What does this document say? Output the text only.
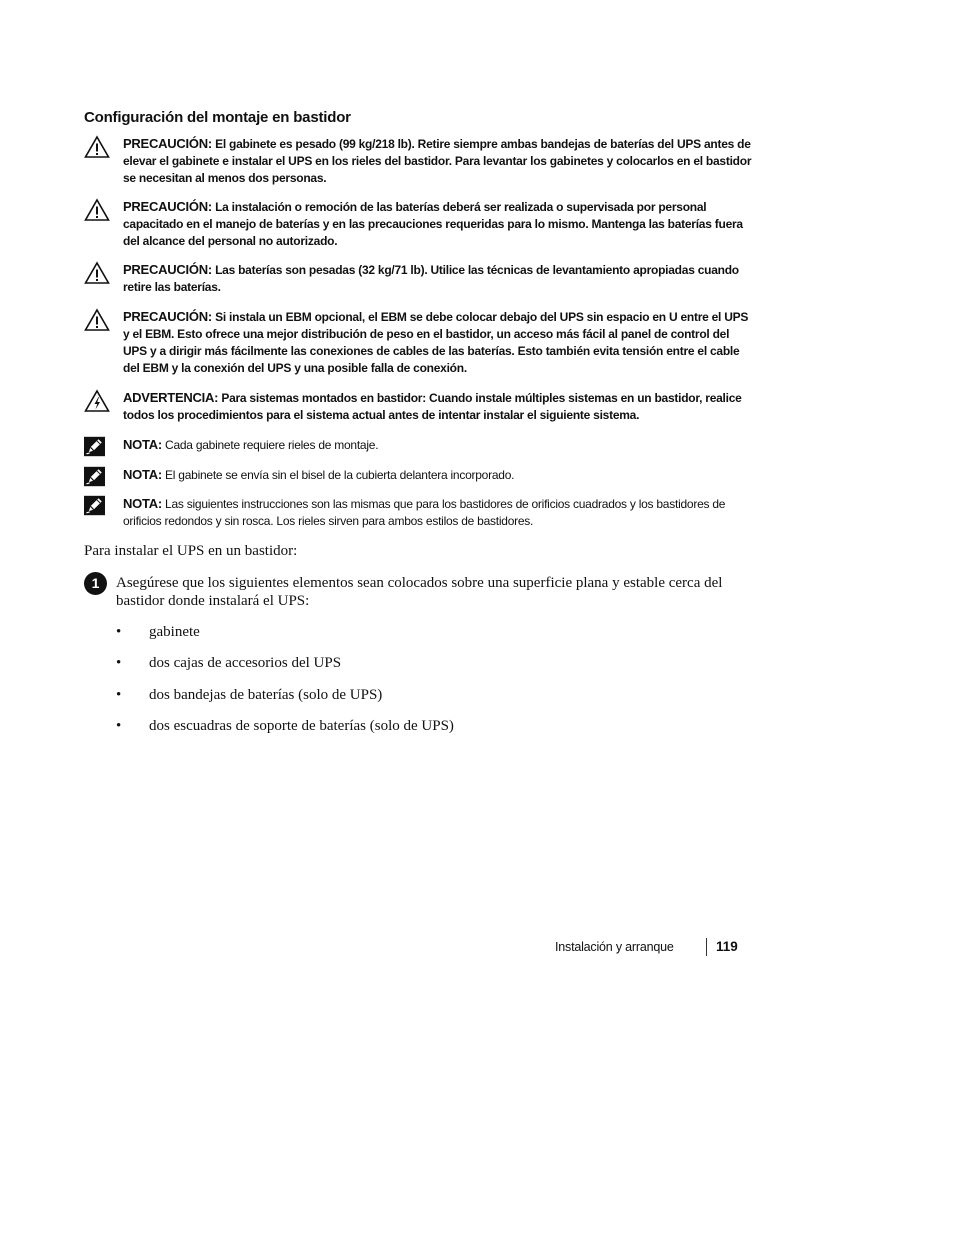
Configuración del montaje en bastidor
PRECAUCIÓN: El gabinete es pesado (99 kg/218 lb). Retire siempre ambas bandejas de baterías del UPS antes de elevar el gabinete e instalar el UPS en los rieles del bastidor. Para levantar los gabinetes y colocarlos en el bastidor se necesitan al menos dos personas.
PRECAUCIÓN: La instalación o remoción de las baterías deberá ser realizada o supervisada por personal capacitado en el manejo de baterías y en las precauciones requeridas para lo mismo. Mantenga las baterías fuera del alcance del personal no autorizado.
PRECAUCIÓN: Las baterías son pesadas (32 kg/71 lb). Utilice las técnicas de levantamiento apropiadas cuando retire las baterías.
PRECAUCIÓN: Si instala un EBM opcional, el EBM se debe colocar debajo del UPS sin espacio en U entre el UPS y el EBM. Esto ofrece una mejor distribución de peso en el bastidor, un acceso más fácil al panel de control del UPS y a dirigir más fácilmente las conexiones de cables de las baterías. Esto también evita tensión entre el cable del EBM y la conexión del UPS y una posible falla de conexión.
ADVERTENCIA: Para sistemas montados en bastidor: Cuando instale múltiples sistemas en un bastidor, realice todos los procedimientos para el sistema actual antes de intentar instalar el siguiente sistema.
NOTA: Cada gabinete requiere rieles de montaje.
NOTA: El gabinete se envía sin el bisel de la cubierta delantera incorporado.
NOTA: Las siguientes instrucciones son las mismas que para los bastidores de orificios cuadrados y los bastidores de orificios redondos y sin rosca. Los rieles sirven para ambos estilos de bastidores.
Para instalar el UPS en un bastidor:
1	Asegúrese que los siguientes elementos sean colocados sobre una superficie plana y estable cerca del bastidor donde instalará el UPS:
• gabinete
• dos cajas de accesorios del UPS
• dos bandejas de baterías (solo de UPS)
• dos escuadras de soporte de baterías (solo de UPS)
Instalación y arranque	119
